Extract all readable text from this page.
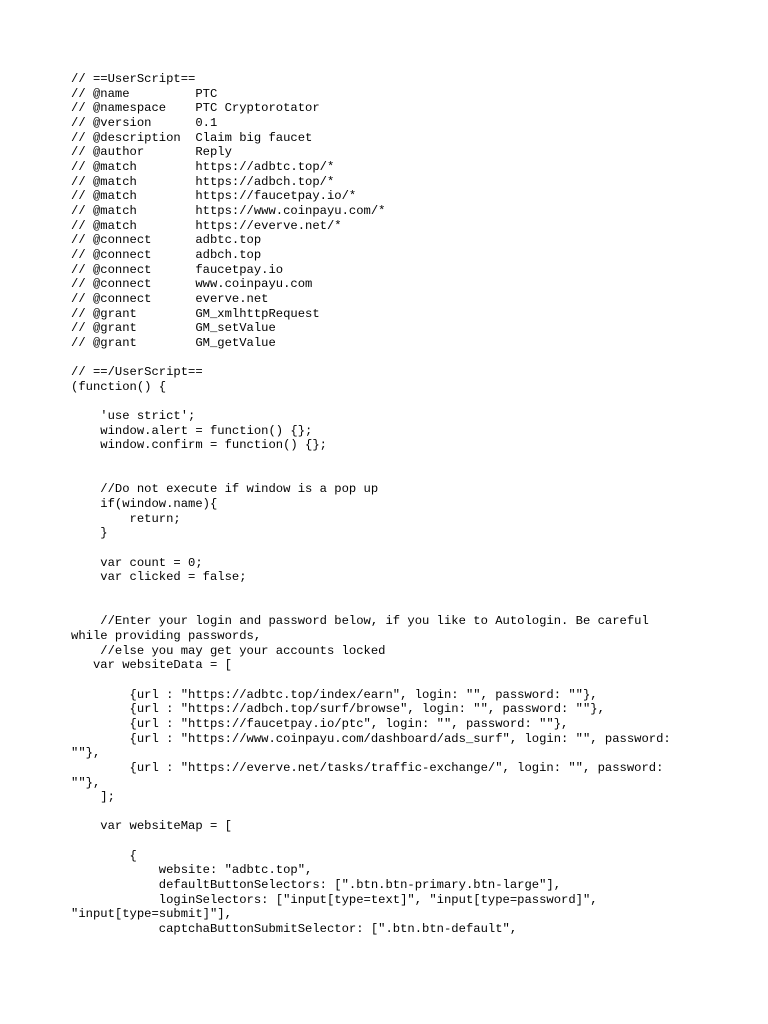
// ==UserScript==
// @name         PTC
// @namespace    PTC Cryptorotator
// @version      0.1
// @description  Claim big faucet
// @author       Reply
// @match        https://adbtc.top/*
// @match        https://adbch.top/*
// @match        https://faucetpay.io/*
// @match        https://www.coinpayu.com/*
// @match        https://everve.net/*
// @connect      adbtc.top
// @connect      adbch.top
// @connect      faucetpay.io
// @connect      www.coinpayu.com
// @connect      everve.net
// @grant        GM_xmlhttpRequest
// @grant        GM_setValue
// @grant        GM_getValue
// ==/UserScript==
(function() {
'use strict';
window.alert = function() {};
window.confirm = function() {};
//Do not execute if window is a pop up
if(window.name){
return;
}
var count = 0;
var clicked = false;
//Enter your login and password below, if you like to Autologin. Be careful
while providing passwords,
//else you may get your accounts locked
var websiteData = [
{url : "https://adbtc.top/index/earn", login: "", password: ""},
{url : "https://adbch.top/surf/browse", login: "", password: ""},
{url : "https://faucetpay.io/ptc", login: "", password: ""},
{url : "https://www.coinpayu.com/dashboard/ads_surf", login: "", password:
""},
{url : "https://everve.net/tasks/traffic-exchange/", login: "", password:
""},
];
var websiteMap = [
{
website: "adbtc.top",
defaultButtonSelectors: [".btn.btn-primary.btn-large"],
loginSelectors: ["input[type=text]", "input[type=password]",
"input[type=submit]"],
captchaButtonSubmitSelector: [".btn.btn-default",
